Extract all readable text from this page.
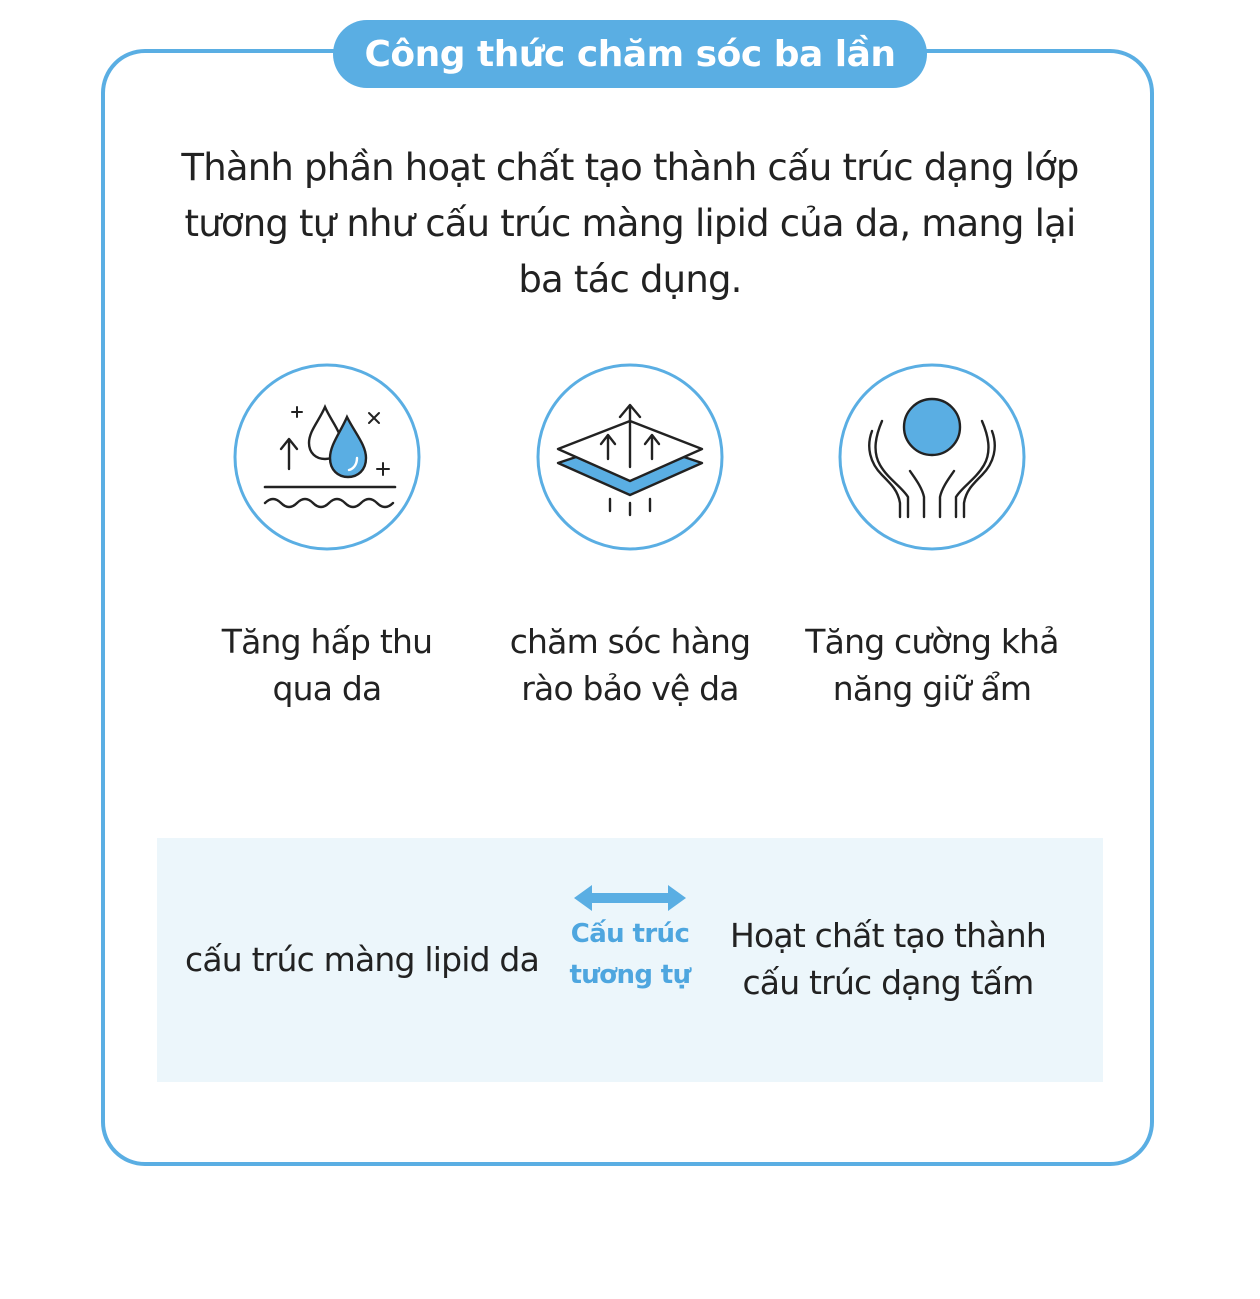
Công thức chăm sóc ba lần
Thành phần hoạt chất tạo thành cấu trúc dạng lớp tương tự như cấu trúc màng lipid của da, mang lại ba tác dụng.
Tăng hấp thu qua da
chăm sóc hàng rào bảo vệ da
Tăng cường khả năng giữ ẩm
cấu trúc màng lipid da
Cấu trúc tương tự
Hoạt chất tạo thành cấu trúc dạng tấm
